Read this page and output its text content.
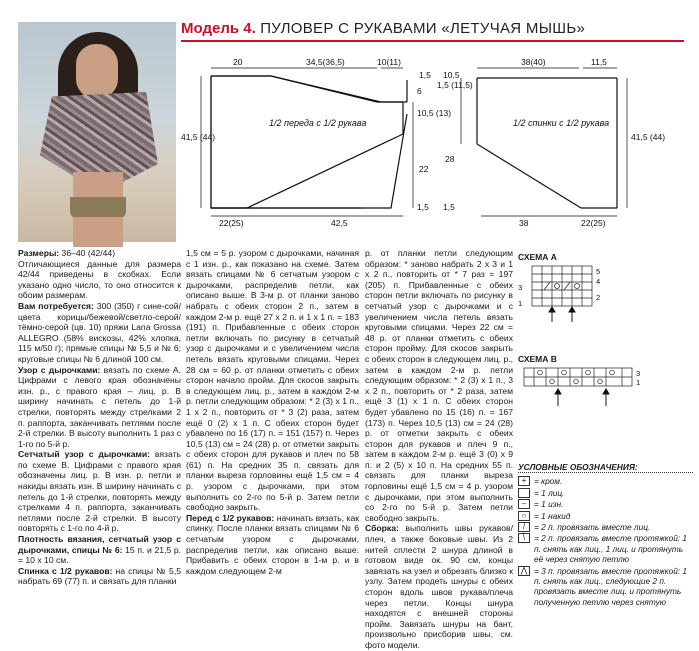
Модель 4. ПУЛОВЕР С РУКАВАМИ «ЛЕТУЧАЯ МЫШЬ»
20	34,5(36,5)	10(11)
1,5
6
10,5 (13)
22
28
41,5 (44)
22(25)	42,5
1,5
1/2 переда с 1/2 рукава
10,5
1,5 (11,5)
38(40)	11,5
41,5 (44)
22(25)
38
1,5
1/2 спинки с 1/2 рукава

Размеры: 36–40 (42/44)

Отличающиеся данные для размера 42/44 приведены в скобках. Если указано одно число, то оно относится к обоим размерам.

Вам потребуется: 300 (350) г сине-сой/цвета корицы/бежевой/светло-серой/тёмно-серой (цв. 10) пряжи Lana Grossa ALLEGRO (58% вискозы, 42% хлопка, 115 м/50 г); прямые спицы № 5,5 и № 6; круговые спицы № 6 длиной 100 см.

Узор с дырочками: вязать по схеме А. Цифрами с левого края обозначены изн. р., с правого края – лиц. р. В ширину начинать с петель до 1-й стрелки, повторять между стрелками 2 п. раппорта, заканчивать петлями после 2-й стрелки. В высоту выполнить 1 раз с 1-го по 5-й р.

Сетчатый узор с дырочками: вязать по схеме В. Цифрами с правого края обозначены лиц. р. В изн. р. петли и накиды вязать изн. В ширину начинать с петель до 1-й стрелки, повторять между стрелками 4 п. раппорта, заканчивать петлями после 2-й стрелки. В высоту повторять с 1-го по 4-й р.

Плотность вязания, сетчатый узор с дырочками, спицы № 6: 15 п. и 21,5 р. = 10 х 10 см.

Спинка с 1/2 рукавов: на спицы № 5,5 набрать 69 (77) п. и связать для планки

1,5 см = 5 р. узором с дырочками, начиная с 1 изн. р., как показано на схеме. Затем вязать спицами № 6 сетчатым узором с дырочками, распределив петли, как описано выше. В 3-м р. от планки заново набрать с обеих сторон 2 п., затем в каждом 2-м р. ещё 27 х 2 п. и 1 х 1 п. = 183 (191) п. Прибавленные с обеих сторон петли включать по рисунку в сетчатый узор с дырочками и с увеличением числа петель вязать круговыми спицами. Через 28 см = 60 р. от планки отметить с обеих сторон начало пройм. Для скосов закрыть в следующем лиц. р., затем в каждом 2-м р. петли следующим образом: * 2 (3) х 1 п., 1 х 2 п., повторить от * 3 (2) раза, затем ещё 0 (2) х 1 п. С обеих сторон будет убавлено по 16 (17) п. = 151 (157) п. Через 10,5 (13) см = 24 (28) р. от отметки закрыть с обеих сторон для рукавов и плеч по 58 (61) п. На средних 35 п. связать для планки выреза горловины ещё 1,5 см = 4 р. узором с дырочками, при этом выполнить со 2-го по 5-й р. Затем петли свободно закрыть.

Перед с 1/2 рукавов: начинать вязать, как спинку. После планки вязать спицами № 6 сетчатым узором с дырочками, распределив петли, как описано выше. Прибавить с обеих сторон в 1-м р. и в каждом следующем 2-м

р. от планки петли следующим образом: * заново набрать 2 х 3 и 1 х 2 п., повторить от * 7 раз = 197 (205) п. Прибавленные с обеих сторон петли включать по рисунку в сетчатый узор с дырочками и с увеличением числа петель вязать круговыми спицами. Через 22 см = 48 р. от планки отметить с обеих сторон пройму. Для скосов закрыть с обеих сторон в следующем лиц. р., затем в каждом 2-м р. петли следующим образом: * 2 (3) х 1 п., 3 х 2 п., повторить от * 2 раза, затем ещё 3 (1) х 1 п. С обеих сторон будет убавлено по 15 (16) п. = 167 (173) п. Через 10,5 (13) см = 24 (28) р. от отметки закрыть с обеих сторон для рукавов и плеч 9 п., затем в каждом 2-м р. ещё 3 (0) х 9 п. и 2 (5) х 10 п. На средних 55 п. связать для планки выреза горловины ещё 1,5 см = 4 р. узором с дырочками, при этом выполнить со 2-го по 5-й р. Затем петли свободно закрыть.

Сборка: выполнить швы рукавов/плеч, а также боковые швы. Из 2 нитей сплести 2 шнура длиной в готовом виде ок. 90 см, концы завязать на узел и обрезать близко к узлу. Затем продеть шнуры с обеих сторон вдоль швов рукава/плеча через петли. Концы шнура находятся с внешней стороны пройм. Завязать шнуры на бант, произвольно присборив швы, см. фото модели.

СХЕМА А
3
1
5
4
2
СХЕМА В
3
1
УСЛОВНЫЕ ОБОЗНАЧЕНИЯ:
+ = кром.
= 1 лиц.
– = 1 изн.
○ = 1 накид
/	= 2 п. провязать вместе лиц.
\	= 2 п. провязать вместе протяжкой: 1 п. снять как лиц., 1 лиц. и протянуть её через снятую петлю
⋀ = 3 п. провязать вместе протяжкой: 1 п. снять как лиц., следующие 2 п. провязать вместе лиц. и протянуть полученную петлю через снятую
